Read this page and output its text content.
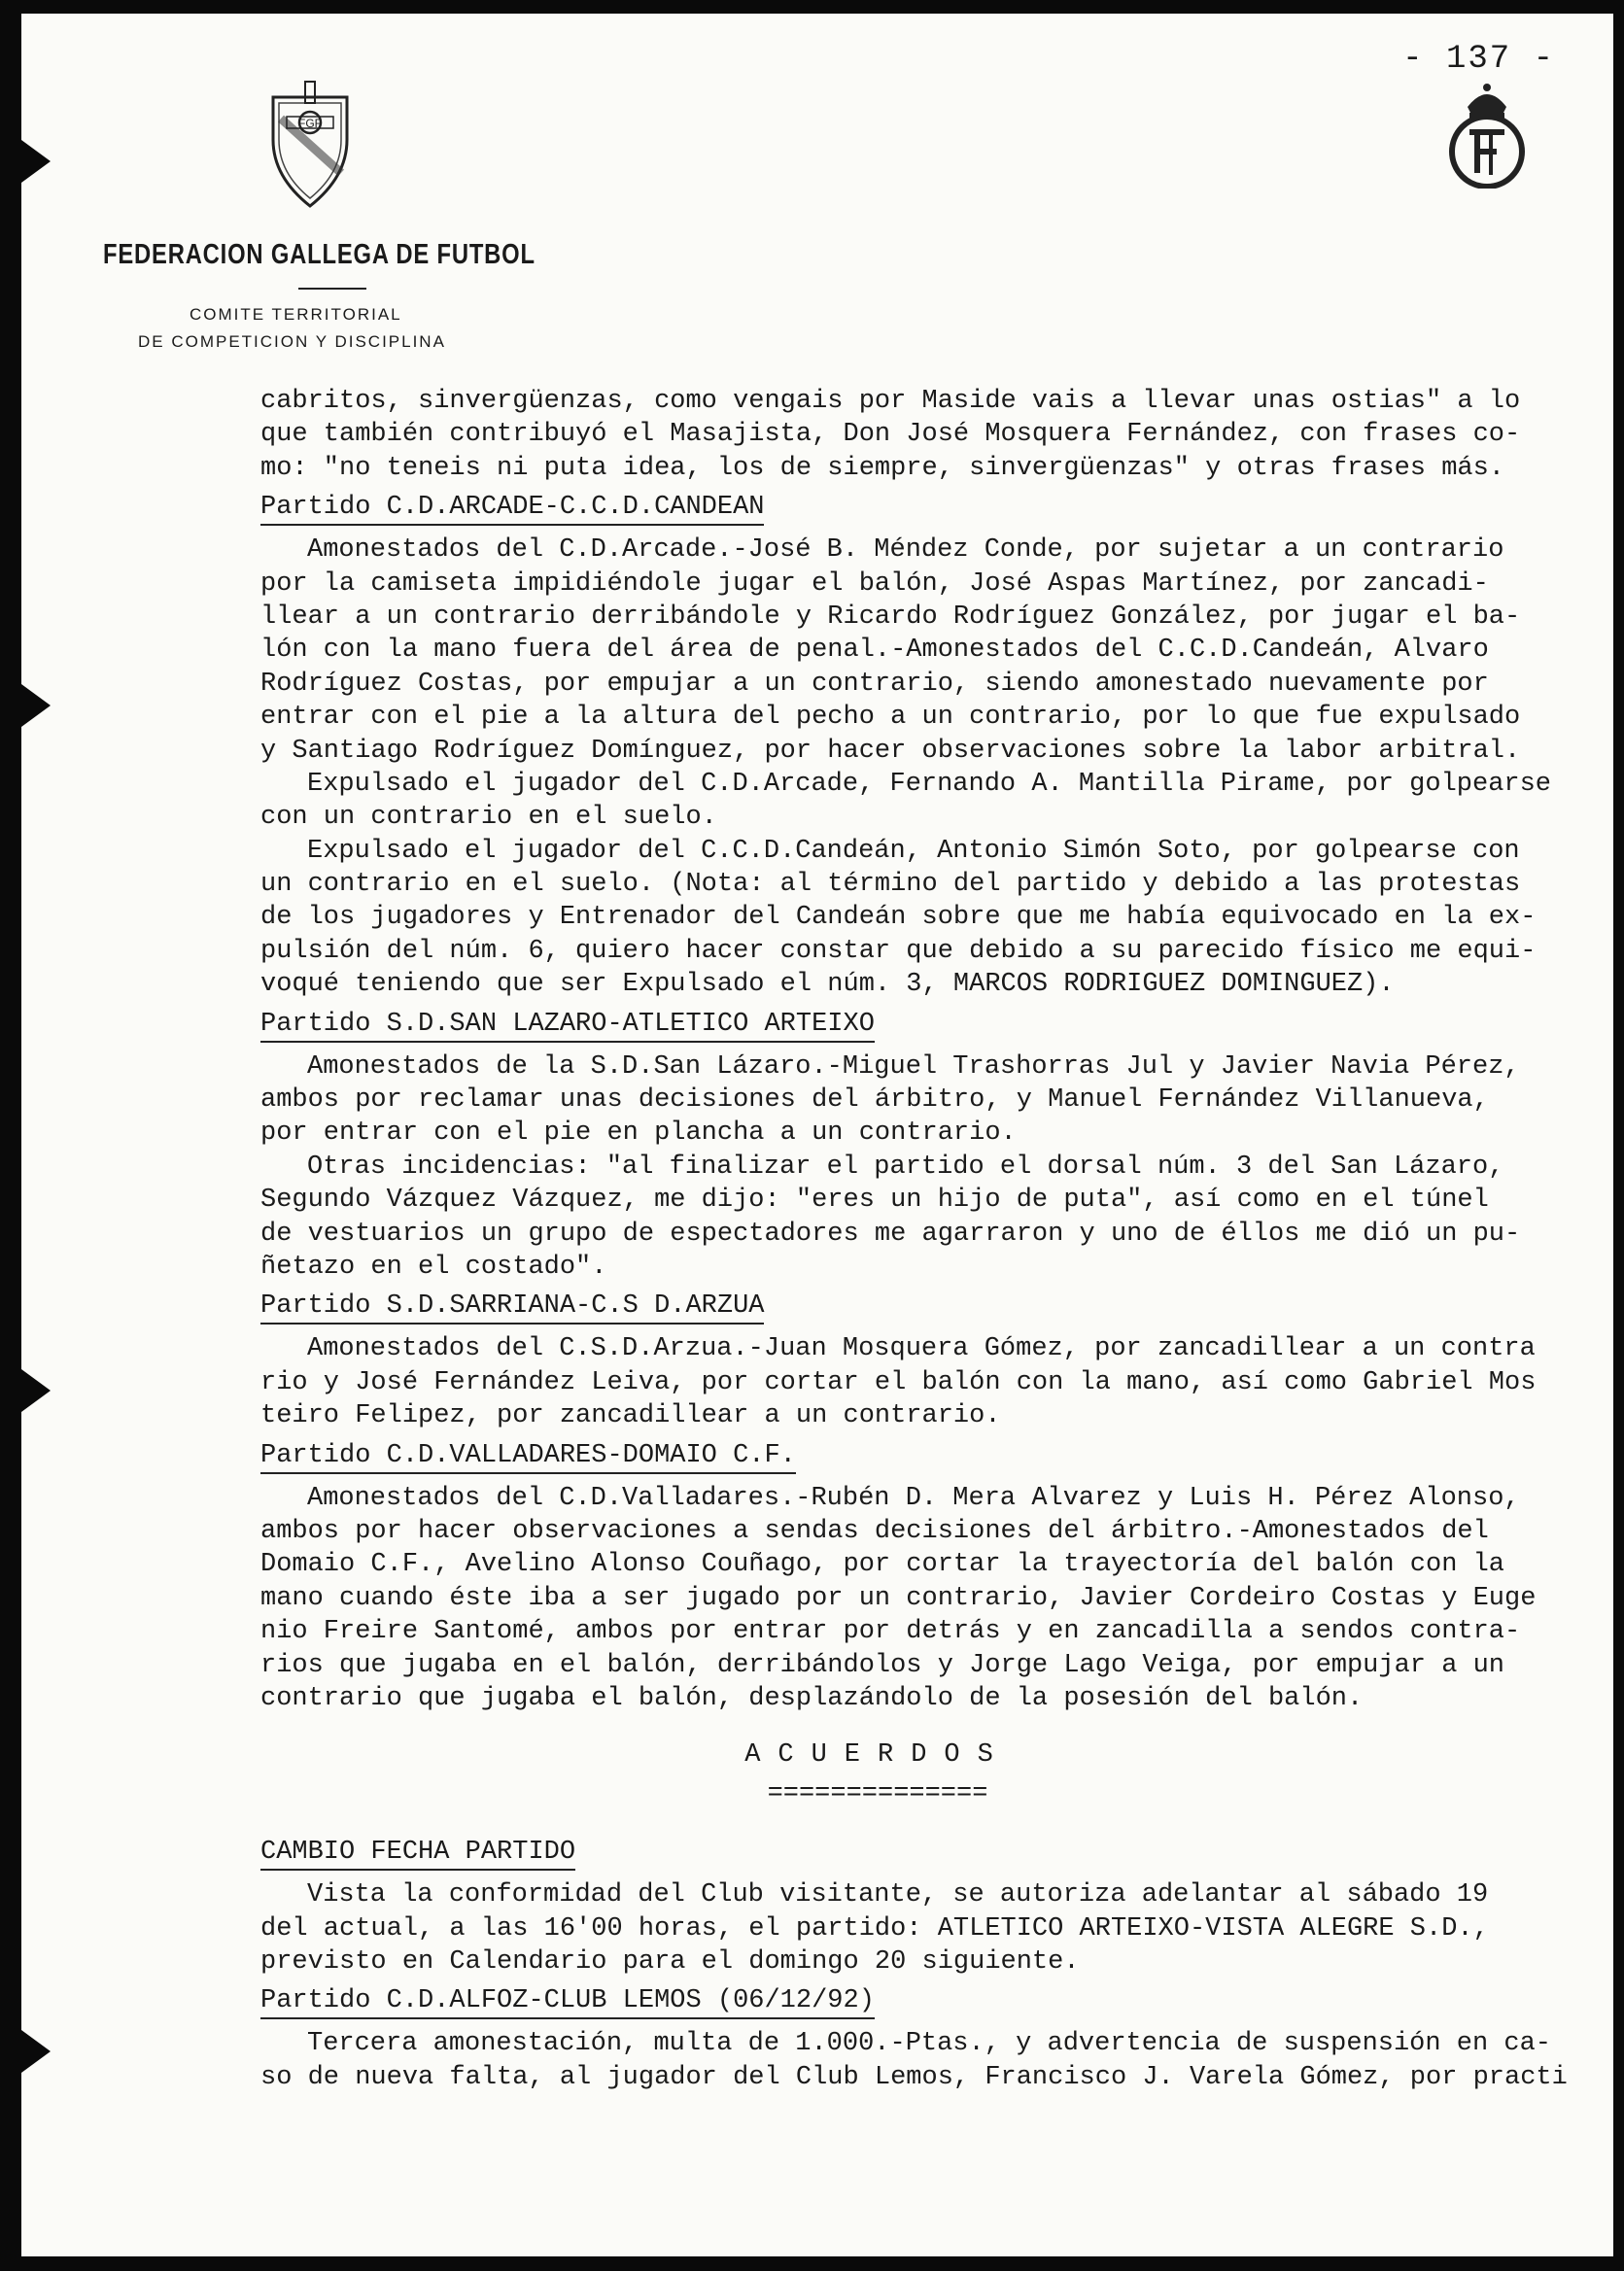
- 137 -
FGF
FEDERACION GALLEGA DE FUTBOL
COMITE TERRITORIAL
DE COMPETICION Y DISCIPLINA
cabritos, sinvergüenzas, como vengais por Maside vais a llevar unas ostias" a lo
que también contribuyó el Masajista, Don José Mosquera Fernández, con frases co-
mo: "no teneis ni puta idea, los de siempre, sinvergüenzas" y otras frases más.
Partido C.D.ARCADE-C.C.D.CANDEAN
Amonestados del C.D.Arcade.-José B. Méndez Conde, por sujetar a un contrario
por la camiseta impidiéndole jugar el balón, José Aspas Martínez, por zancadi-
llear a un contrario derribándole y Ricardo Rodríguez González, por jugar el ba-
lón con la mano fuera del área de penal.-Amonestados del C.C.D.Candeán, Alvaro
Rodríguez Costas, por empujar a un contrario, siendo amonestado nuevamente por
entrar con el pie a la altura del pecho a un contrario, por lo que fue expulsado
y Santiago Rodríguez Domínguez, por hacer observaciones sobre la labor arbitral.
Expulsado el jugador del C.D.Arcade, Fernando A. Mantilla Pirame, por golpearse
con un contrario en el suelo.
Expulsado el jugador del C.C.D.Candeán, Antonio Simón Soto, por golpearse con
un contrario en el suelo. (Nota: al término del partido y debido a las protestas
de los jugadores y Entrenador del Candeán sobre que me había equivocado en la ex-
pulsión del núm. 6, quiero hacer constar que debido a su parecido físico me equi-
voqué teniendo que ser Expulsado el núm. 3, MARCOS RODRIGUEZ DOMINGUEZ).
Partido S.D.SAN LAZARO-ATLETICO ARTEIXO
Amonestados de la S.D.San Lázaro.-Miguel Trashorras Jul y Javier Navia Pérez,
ambos por reclamar unas decisiones del árbitro, y Manuel Fernández Villanueva,
por entrar con el pie en plancha a un contrario.
Otras incidencias: "al finalizar el partido el dorsal núm. 3 del San Lázaro,
Segundo Vázquez Vázquez, me dijo: "eres un hijo de puta", así como en el túnel
de vestuarios un grupo de espectadores me agarraron y uno de éllos me dió un pu-
ñetazo en el costado".
Partido S.D.SARRIANA-C.S D.ARZUA
Amonestados del C.S.D.Arzua.-Juan Mosquera Gómez, por zancadillear a un contra
rio y José Fernández Leiva, por cortar el balón con la mano, así como Gabriel Mos
teiro Felipez, por zancadillear a un contrario.
Partido C.D.VALLADARES-DOMAIO C.F.
Amonestados del C.D.Valladares.-Rubén D. Mera Alvarez y Luis H. Pérez Alonso,
ambos por hacer observaciones a sendas decisiones del árbitro.-Amonestados del
Domaio C.F., Avelino Alonso Couñago, por cortar la trayectoría del balón con la
mano cuando éste iba a ser jugado por un contrario, Javier Cordeiro Costas y Euge
nio Freire Santomé, ambos por entrar por detrás y en zancadilla a sendos contra-
rios que jugaba en el balón, derribándolos y Jorge Lago Veiga, por empujar a un
contrario que jugaba el balón, desplazándolo de la posesión del balón.
ACUERDOS
==============
CAMBIO FECHA PARTIDO
Vista la conformidad del Club visitante, se autoriza adelantar al sábado 19
del actual, a las 16'00 horas, el partido: ATLETICO ARTEIXO-VISTA ALEGRE S.D.,
previsto en Calendario para el domingo 20 siguiente.
Partido C.D.ALFOZ-CLUB LEMOS (06/12/92)
Tercera amonestación, multa de 1.000.-Ptas., y advertencia de suspensión en ca-
so de nueva falta, al jugador del Club Lemos, Francisco J. Varela Gómez, por practi
